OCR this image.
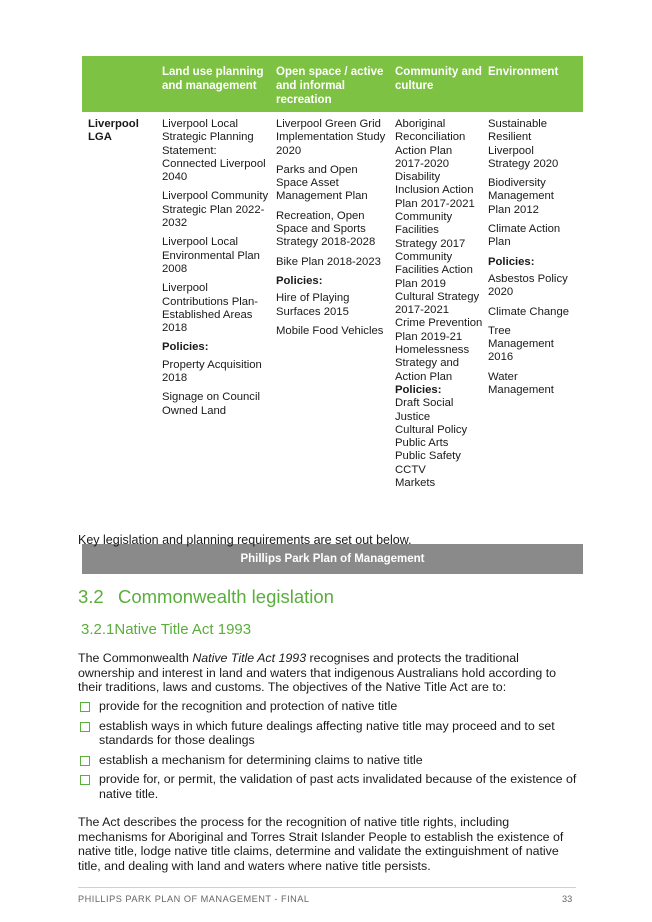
Land use planning and management
Open space / active and informal recreation
Community and culture
Environment
Liverpool LGA

Liverpool Local Strategic Planning Statement: Connected Liverpool 2040

Liverpool Community Strategic Plan 2022-2032

Liverpool Local Environmental Plan 2008

Liverpool Contributions Plan-Established Areas 2018

Policies:

Property Acquisition 2018

Signage on Council Owned Land

Liverpool Green Grid Implementation Study 2020

Parks and Open Space Asset Management Plan

Recreation, Open Space and Sports Strategy 2018-2028

Bike Plan 2018-2023

Policies:

Hire of Playing Surfaces 2015

Mobile Food Vehicles

Aboriginal Reconciliation Action Plan 2017-2020

Disability Inclusion Action Plan 2017-2021

Community Facilities Strategy 2017

Community Facilities Action Plan 2019

Cultural Strategy 2017-2021

Crime Prevention Plan 2019-21

Homelessness Strategy and Action Plan

Policies:

Draft Social Justice

Cultural Policy

Public Arts

Public Safety CCTV

Markets

Sustainable Resilient Liverpool Strategy 2020

Biodiversity Management Plan 2012

Climate Action Plan

Policies:

Asbestos Policy 2020

Climate Change

Tree Management 2016

Water Management

Phillips Park Plan of Management
Key legislation and planning requirements are set out below.
3.2 Commonwealth legislation
3.2.1Native Title Act 1993
The Commonwealth Native Title Act 1993 recognises and protects the traditional ownership and interest in land and waters that indigenous Australians hold according to their traditions, laws and customs. The objectives of the Native Title Act are to:
provide for the recognition and protection of native title
establish ways in which future dealings affecting native title may proceed and to set standards for those dealings
establish a mechanism for determining claims to native title
provide for, or permit, the validation of past acts invalidated because of the existence of native title.
The Act describes the process for the recognition of native title rights, including mechanisms for Aboriginal and Torres Strait Islander People to establish the existence of native title, lodge native title claims, determine and validate the extinguishment of native title, and dealing with land and waters where native title persists.
PHILLIPS PARK PLAN OF MANAGEMENT - FINAL	33
